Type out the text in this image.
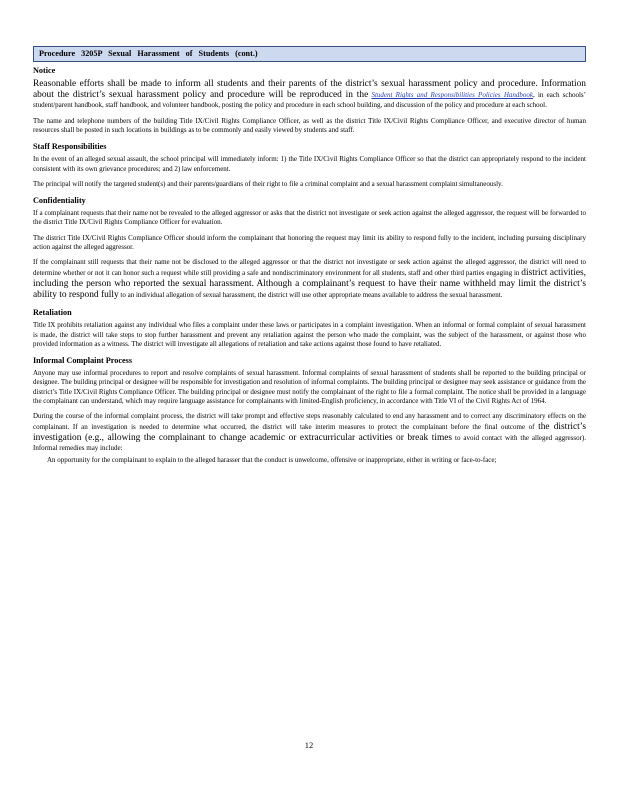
Procedure 3205P Sexual Harassment of Students (cont.)
Notice

Reasonable efforts shall be made to inform all students and their parents of the district’s sexual harassment policy and procedure. Information about the district’s sexual harassment policy and procedure will be reproduced in the Student Rights and Responsibilities Policies Handbook, in each schools’ student/parent handbook, staff handbook, and volunteer handbook, posting the policy and procedure in each school building, and discussion of the policy and procedure at each school.

The name and telephone numbers of the building Title IX/Civil Rights Compliance Officer, as well as the district Title IX/Civil Rights Compliance Officer, and executive director of human resources shall be posted in such locations in buildings as to be commonly and easily viewed by students and staff.

Staff Responsibilities

In the event of an alleged sexual assault, the school principal will immediately inform: 1) the Title IX/Civil Rights Compliance Officer so that the district can appropriately respond to the incident consistent with its own grievance procedures; and 2) law enforcement.

The principal will notify the targeted student(s) and their parents/guardians of their right to file a criminal complaint and a sexual harassment complaint simultaneously.

Confidentiality

If a complainant requests that their name not be revealed to the alleged aggressor or asks that the district not investigate or seek action against the alleged aggressor, the request will be forwarded to the district Title IX/Civil Rights Compliance Officer for evaluation.

The district Title IX/Civil Rights Compliance Officer should inform the complainant that honoring the request may limit its ability to respond fully to the incident, including pursuing disciplinary action against the alleged aggressor.

If the complainant still requests that their name not be disclosed to the alleged aggressor or that the district not investigate or seek action against the alleged aggressor, the district will need to determine whether or not it can honor such a request while still providing a safe and nondiscriminatory environment for all students, staff and other third parties engaging in district activities, including the person who reported the sexual harassment. Although a complainant’s request to have their name withheld may limit the district’s ability to respond fully to an individual allegation of sexual harassment, the district will use other appropriate means available to address the sexual harassment.

Retaliation

Title IX prohibits retaliation against any individual who files a complaint under these laws or participates in a complaint investigation. When an informal or formal complaint of sexual harassment is made, the district will take steps to stop further harassment and prevent any retaliation against the person who made the complaint, was the subject of the harassment, or against those who provided information as a witness. The district will investigate all allegations of retaliation and take actions against those found to have retaliated.

Informal Complaint Process

Anyone may use informal procedures to report and resolve complaints of sexual harassment. Informal complaints of sexual harassment of students shall be reported to the building principal or designee. The building principal or designee will be responsible for investigation and resolution of informal complaints. The building principal or designee may seek assistance or guidance from the district’s Title IX/Civil Rights Compliance Officer. The building principal or designee must notify the complainant of the right to file a formal complaint. The notice shall be provided in a language the complainant can understand, which may require language assistance for complainants with limited-English proficiency, in accordance with Title VI of the Civil Rights Act of 1964.

During the course of the informal complaint process, the district will take prompt and effective steps reasonably calculated to end any harassment and to correct any discriminatory effects on the complainant. If an investigation is needed to determine what occurred, the district will take interim measures to protect the complainant before the final outcome of the district’s investigation (e.g., allowing the complainant to change academic or extracurricular activities or break times to avoid contact with the alleged aggressor). Informal remedies may include:

An opportunity for the complainant to explain to the alleged harasser that the conduct is unwelcome, offensive or inappropriate, either in writing or face-to-face;
12
